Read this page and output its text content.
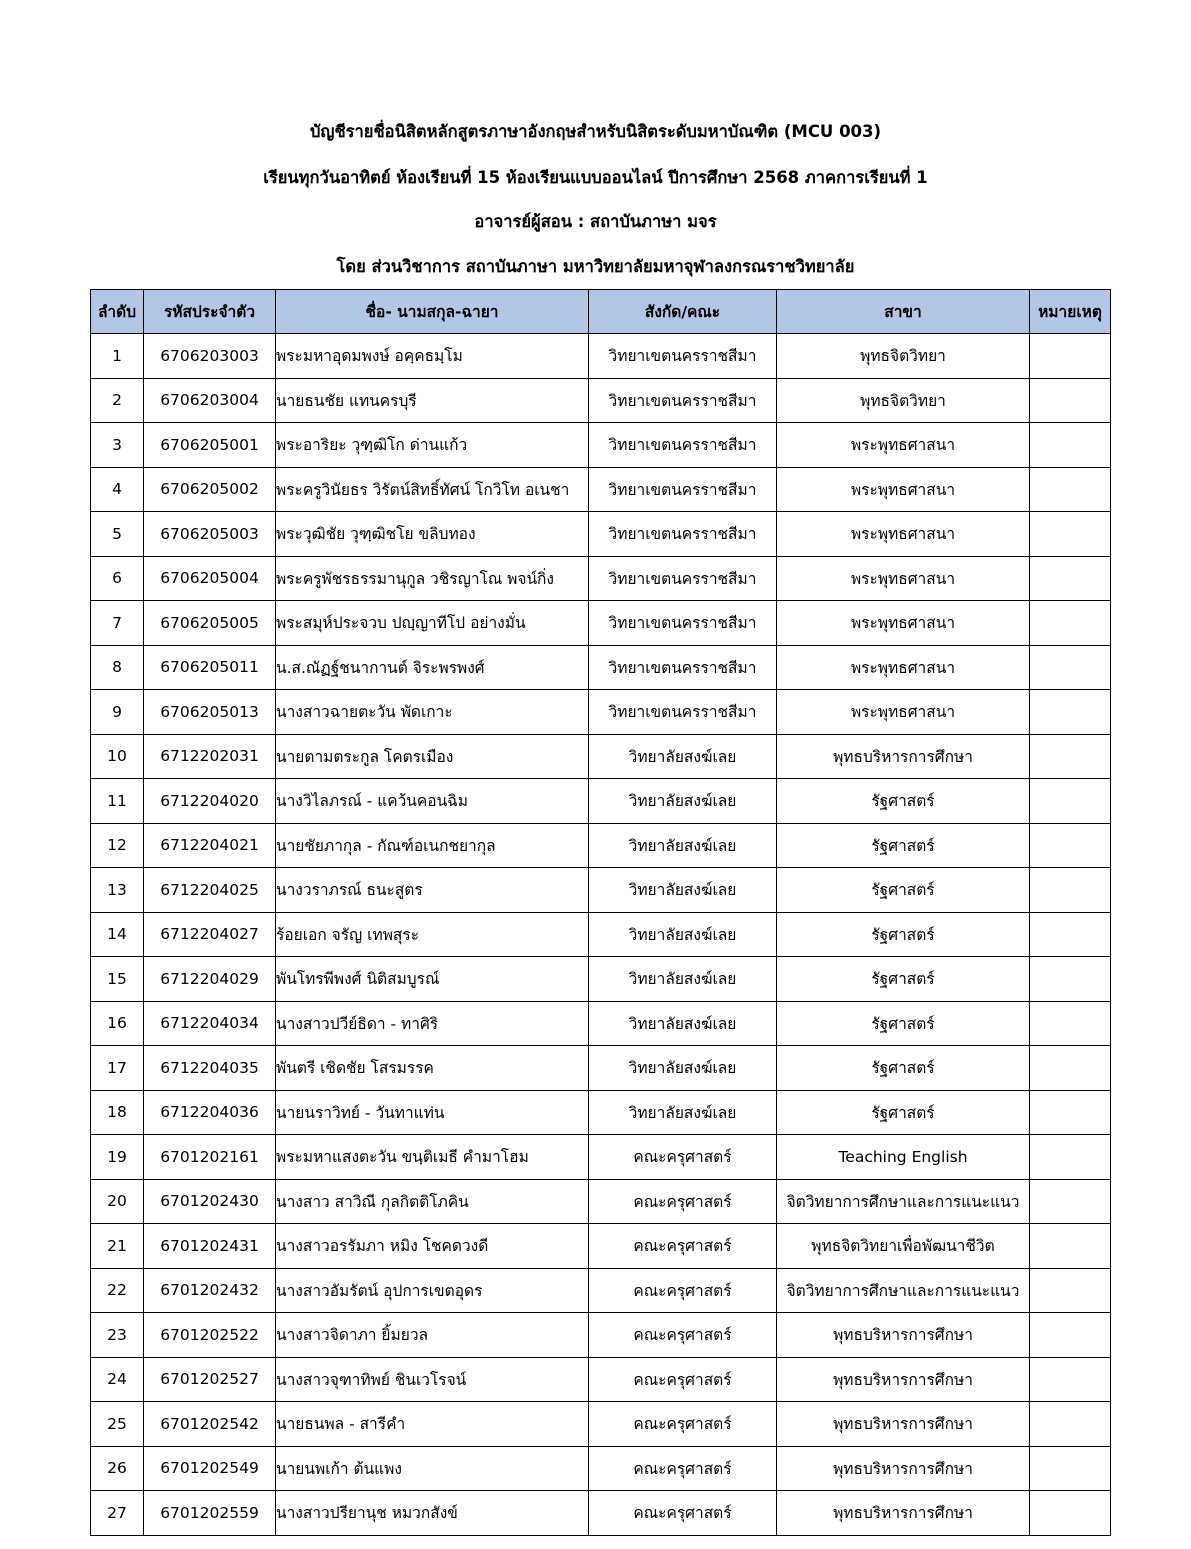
บัญชีรายชื่อนิสิตหลักสูตรภาษาอังกฤษสำหรับนิสิตระดับมหาบัณฑิต (MCU 003)
เรียนทุกวันอาทิตย์ ห้องเรียนที่ 15 ห้องเรียนแบบออนไลน์ ปีการศึกษา 2568 ภาคการเรียนที่ 1
อาจารย์ผู้สอน : สถาบันภาษา มจร
โดย ส่วนวิชาการ สถาบันภาษา มหาวิทยาลัยมหาจุฬาลงกรณราชวิทยาลัย
ลำดับ	รหัสประจำตัว	ชื่อ- นามสกุล-ฉายา	สังกัด/คณะ	สาขา	หมายเหตุ
1	6706203003	พระมหาอุดมพงษ์ อคฺคธมฺโม	วิทยาเขตนครราชสีมา	พุทธจิตวิทยา	
2	6706203004	นายธนชัย แทนครบุรี	วิทยาเขตนครราชสีมา	พุทธจิตวิทยา	
3	6706205001	พระอาริยะ วุฑฺฒิโก ด่านแก้ว	วิทยาเขตนครราชสีมา	พระพุทธศาสนา	
4	6706205002	พระครูวินัยธร วิรัตน์สิทธิ์ทัศน์ โกวิโท อเนชา	วิทยาเขตนครราชสีมา	พระพุทธศาสนา	
5	6706205003	พระวุฒิชัย วุฑฺฒิชโย ขลิบทอง	วิทยาเขตนครราชสีมา	พระพุทธศาสนา	
6	6706205004	พระครูพัชรธรรมานุกูล วชิรญาโณ พจน์กิ่ง	วิทยาเขตนครราชสีมา	พระพุทธศาสนา	
7	6706205005	พระสมุห์ประจวบ ปญฺญาทีโป อย่างมั่น	วิทยาเขตนครราชสีมา	พระพุทธศาสนา	
8	6706205011	น.ส.ณัฏฐ์ชนากานต์ จิระพรพงศ์	วิทยาเขตนครราชสีมา	พระพุทธศาสนา	
9	6706205013	นางสาวฉายตะวัน พัดเกาะ	วิทยาเขตนครราชสีมา	พระพุทธศาสนา	
10	6712202031	นายตามตระกูล โคตรเมือง	วิทยาลัยสงฆ์เลย	พุทธบริหารการศึกษา	
11	6712204020	นางวิไลภรณ์ - แคว้นคอนฉิม	วิทยาลัยสงฆ์เลย	รัฐศาสตร์	
12	6712204021	นายชัยภากุล - กัณฑ์อเนกชยากุล	วิทยาลัยสงฆ์เลย	รัฐศาสตร์	
13	6712204025	นางวราภรณ์ ธนะสูตร	วิทยาลัยสงฆ์เลย	รัฐศาสตร์	
14	6712204027	ร้อยเอก จรัญ เทพสุระ	วิทยาลัยสงฆ์เลย	รัฐศาสตร์	
15	6712204029	พันโทรพีพงศ์ นิติสมบูรณ์	วิทยาลัยสงฆ์เลย	รัฐศาสตร์	
16	6712204034	นางสาวปวีย์ธิดา - ทาศิริ	วิทยาลัยสงฆ์เลย	รัฐศาสตร์	
17	6712204035	พันตรี เชิดชัย โสรมรรค	วิทยาลัยสงฆ์เลย	รัฐศาสตร์	
18	6712204036	นายนราวิทย์ - วันทาแท่น	วิทยาลัยสงฆ์เลย	รัฐศาสตร์	
19	6701202161	พระมหาแสงตะวัน ขนฺติเมธี คำมาโฮม	คณะครุศาสตร์	Teaching English	
20	6701202430	นางสาว สาวิณี กุลกิตติโภคิน	คณะครุศาสตร์	จิตวิทยาการศึกษาและการแนะแนว	
21	6701202431	นางสาวอรรัมภา หมิง โชคดวงดี	คณะครุศาสตร์	พุทธจิตวิทยาเพื่อพัฒนาชีวิต	
22	6701202432	นางสาวอัมรัตน์ อุปการเขตอุดร	คณะครุศาสตร์	จิตวิทยาการศึกษาและการแนะแนว	
23	6701202522	นางสาวจิดาภา ยิ้มยวล	คณะครุศาสตร์	พุทธบริหารการศึกษา	
24	6701202527	นางสาวจุฑาทิพย์ ชินเวโรจน์	คณะครุศาสตร์	พุทธบริหารการศึกษา	
25	6701202542	นายธนพล - สารีคำ	คณะครุศาสตร์	พุทธบริหารการศึกษา	
26	6701202549	นายนพเก้า ต้นแพง	คณะครุศาสตร์	พุทธบริหารการศึกษา	
27	6701202559	นางสาวปรียานุช หมวกสังข์	คณะครุศาสตร์	พุทธบริหารการศึกษา	
